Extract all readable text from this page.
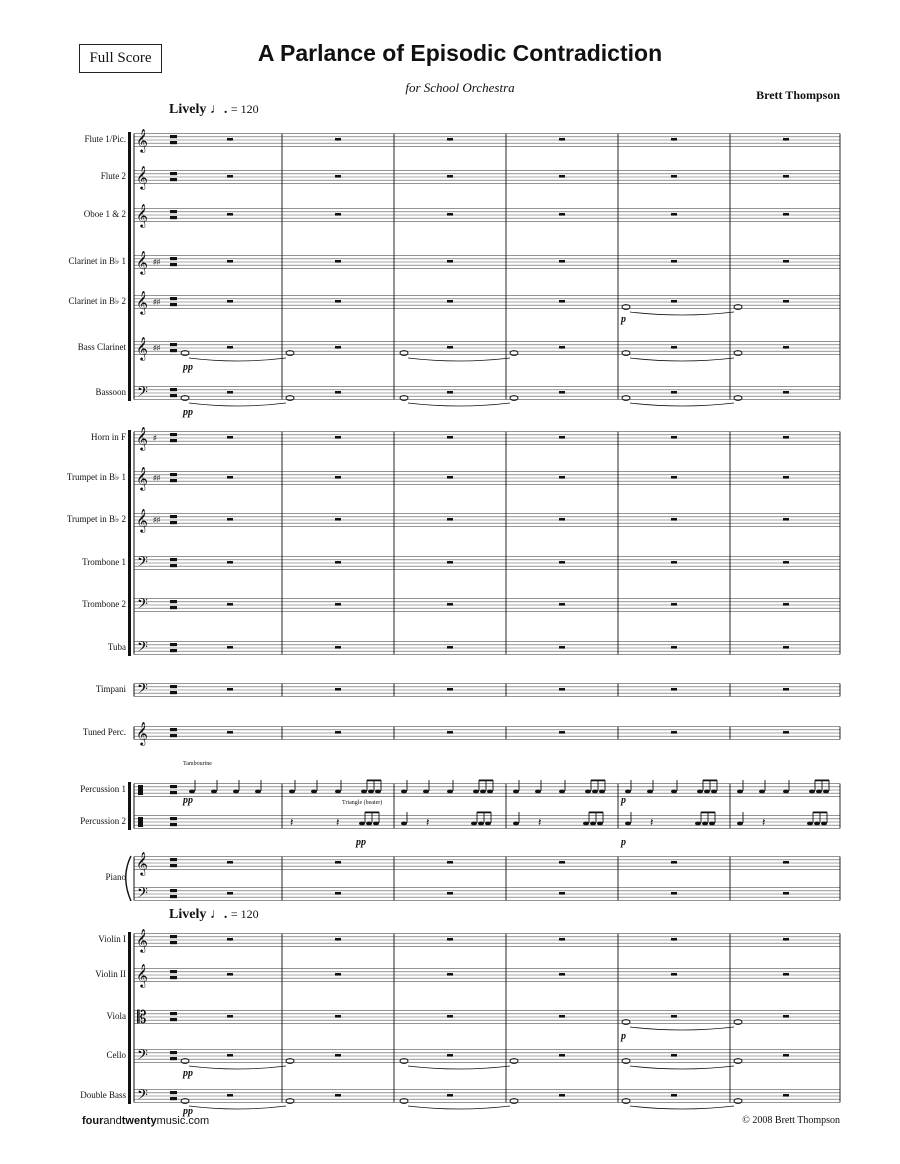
Full Score	A Parlance of Episodic Contradiction
for School Orchestra	Brett Thompson
Lively ♩. = 120
Lively ♩. = 120
Flute 1/Pic.
Flute 2
Oboe 1 & 2
Clarinet in B♭ 1
Clarinet in B♭ 2
Bass Clarinet
Bassoon
Horn in F
Trumpet in B♭ 1
Trumpet in B♭ 2
Trombone 1
Trombone 2
Tuba
Timpani
Tuned Perc.
Percussion 1
Percussion 2
Piano
Violin I
Violin II
Viola
Cello
Double Bass
𝄞
𝄞
𝄞
𝄞 ♯♯
𝄞 ♯♯
𝄞 ♯♯
𝄢
𝄞 ♯
𝄞 ♯♯
𝄞 ♯♯
𝄢
𝄢
𝄢
𝄢
𝄞
𝄞
𝄢
𝄞
𝄞
𝄡
𝄢
𝄢
𝄽	𝄽	𝄽	𝄽	𝄽	𝄽
pp
pp
p
pp	p
pp	p
p
pp
pp
Tambourine
Triangle (beater)
fourandtwentymusic.com	© 2008 Brett Thompson
